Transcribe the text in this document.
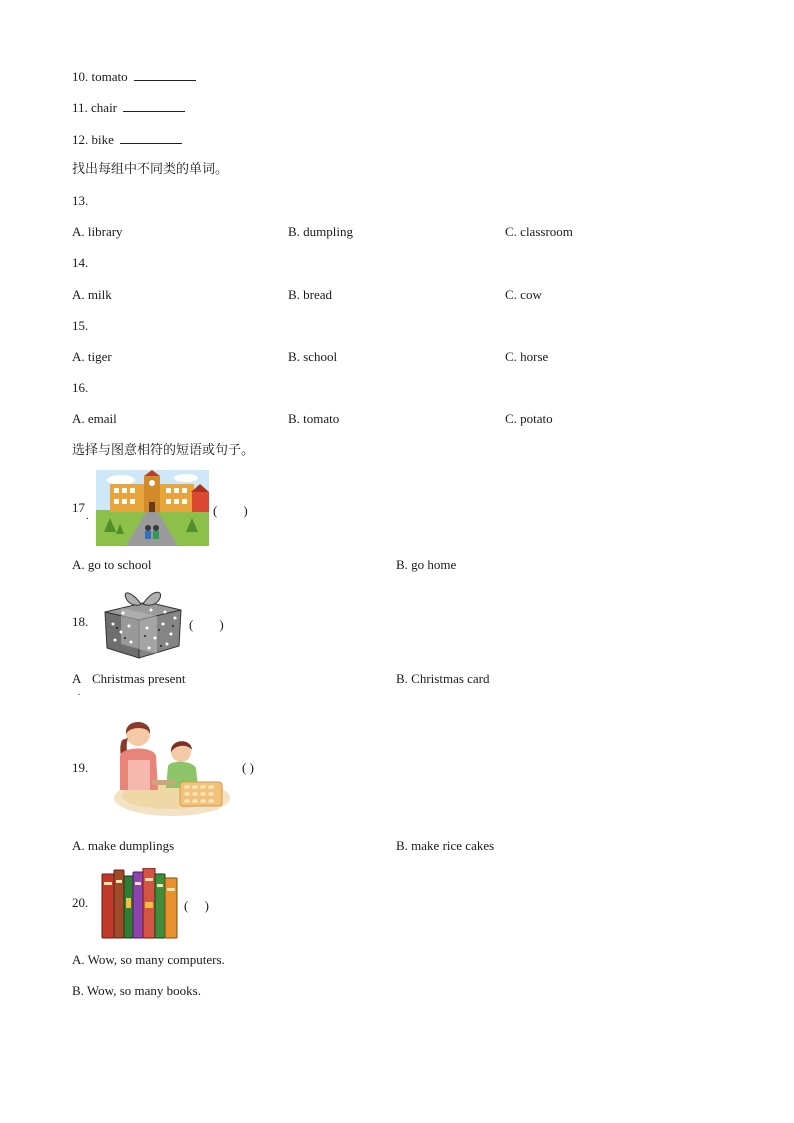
10. tomato
11. chair
12. bike
找出每组中不同类的单词。
13.
A. library	B. dumpling	C. classroom
14.
A. milk	B. bread	C. cow
15.
A. tiger	B. school	C. horse
16.
A. email	B. tomato	C. potato
选择与图意相符的短语或句子。
17
.	(　　)
A. go to school	B. go home
18.	(　　)
A Christmas present
.
B. Christmas card
19.	( )
A. make dumplings	B. make rice cakes
20.	(　 )
A. Wow, so many computers.
B. Wow, so many books.
